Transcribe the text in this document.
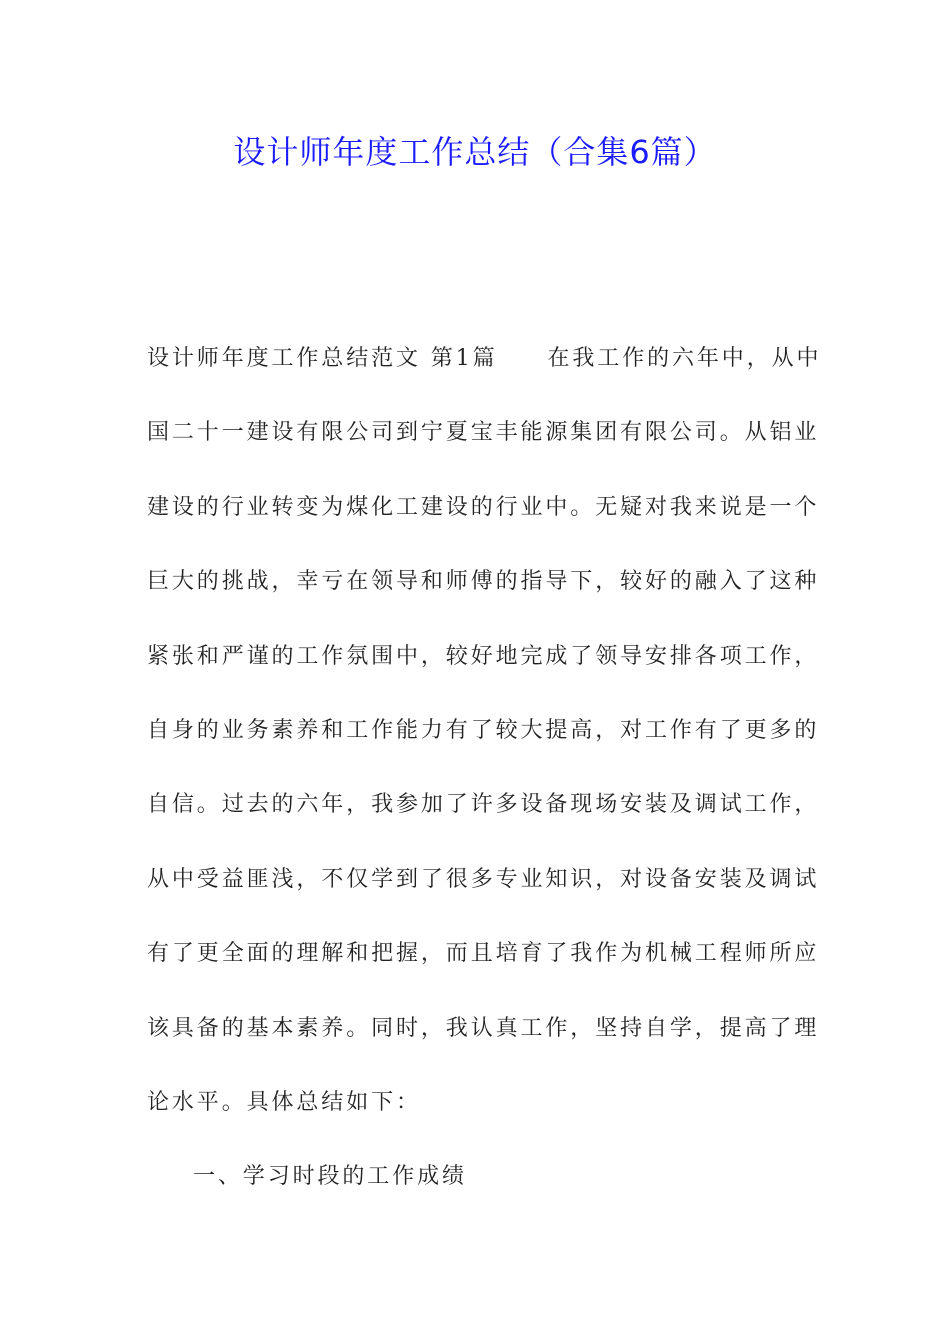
设计师年度工作总结（合集6篇）
设计师年度工作总结范文 第1篇 在我工作的六年中，从中
国二十一建设有限公司到宁夏宝丰能源集团有限公司。从铝业
建设的行业转变为煤化工建设的行业中。无疑对我来说是一个
巨大的挑战，幸亏在领导和师傅的指导下，较好的融入了这种
紧张和严谨的工作氛围中，较好地完成了领导安排各项工作，
自身的业务素养和工作能力有了较大提高，对工作有了更多的
自信。过去的六年，我参加了许多设备现场安装及调试工作，
从中受益匪浅，不仅学到了很多专业知识，对设备安装及调试
有了更全面的理解和把握，而且培育了我作为机械工程师所应
该具备的基本素养。同时，我认真工作，坚持自学，提高了理
论水平。具体总结如下：
一、学习时段的工作成绩
